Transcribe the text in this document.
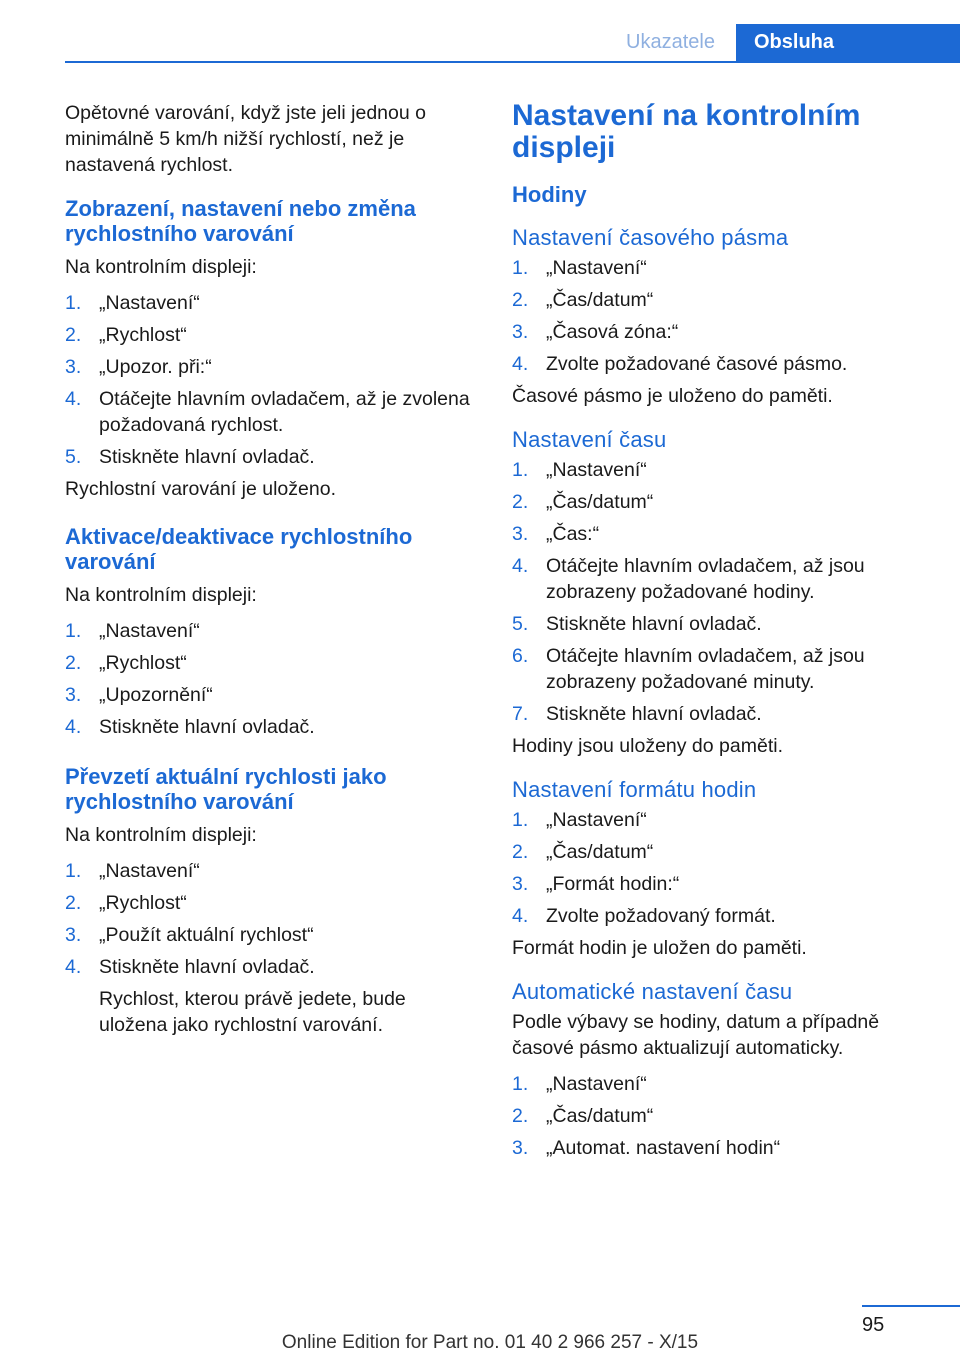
Ukazatele	Obsluha

Opětovné varování, když jste jeli jednou o minimálně 5 km/h nižší rychlostí, než je nastavená rychlost.

Zobrazení, nastavení nebo změna rychlostního varování

Na kontrolním displeji:

1. „Nastavení“
2. „Rychlost“
3. „Upozor. při:“
4. Otáčejte hlavním ovladačem, až je zvolena požadovaná rychlost.
5. Stiskněte hlavní ovladač.

Rychlostní varování je uloženo.

Aktivace/deaktivace rychlostního varování

Na kontrolním displeji:

1. „Nastavení“
2. „Rychlost“
3. „Upozornění“
4. Stiskněte hlavní ovladač.
Převzetí aktuální rychlosti jako rychlostního varování

Na kontrolním displeji:

1. „Nastavení“
2. „Rychlost“
3. „Použít aktuální rychlost“
4. Stiskněte hlavní ovladač.
Rychlost, kterou právě jedete, bude uložena jako rychlostní varování.
Nastavení na kontrolním displeji
Hodiny
Nastavení časového pásma
1. „Nastavení“
2. „Čas/datum“
3. „Časová zóna:“
4. Zvolte požadované časové pásmo.

Časové pásmo je uloženo do paměti.

Nastavení času
1. „Nastavení“
2. „Čas/datum“
3. „Čas:“
4. Otáčejte hlavním ovladačem, až jsou zobrazeny požadované hodiny.
5. Stiskněte hlavní ovladač.
6. Otáčejte hlavním ovladačem, až jsou zobrazeny požadované minuty.
7. Stiskněte hlavní ovladač.

Hodiny jsou uloženy do paměti.

Nastavení formátu hodin
1. „Nastavení“
2. „Čas/datum“
3. „Formát hodin:“
4. Zvolte požadovaný formát.

Formát hodin je uložen do paměti.

Automatické nastavení času

Podle výbavy se hodiny, datum a případně časové pásmo aktualizují automaticky.

1. „Nastavení“
2. „Čas/datum“
3. „Automat. nastavení hodin“
95
Online Edition for Part no. 01 40 2 966 257 - X/15
